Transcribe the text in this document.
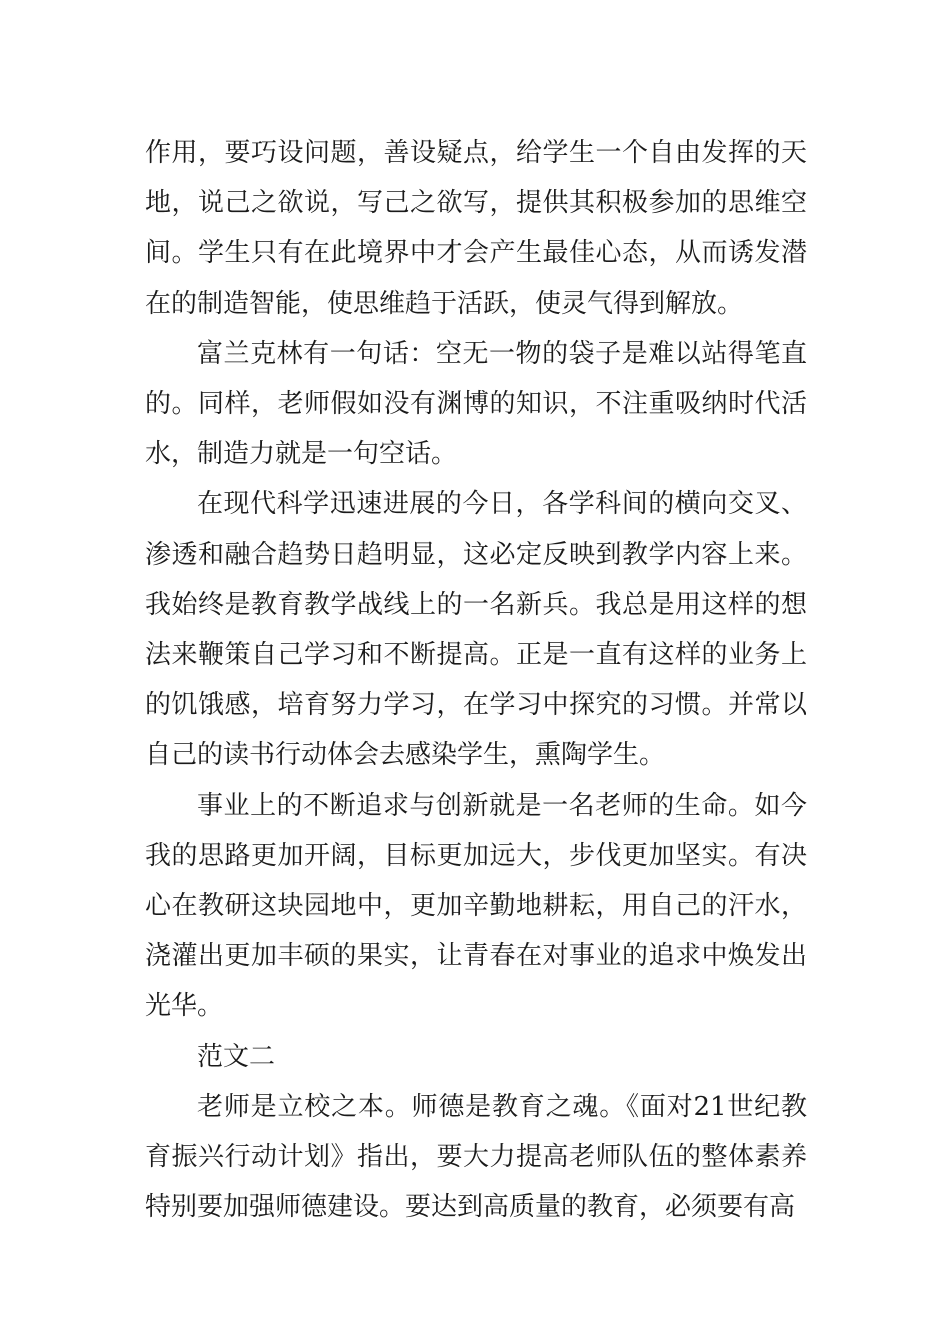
作用，要巧设问题，善设疑点，给学生一个自由发挥的天地，说己之欲说，写己之欲写，提供其积极参加的思维空间。学生只有在此境界中才会产生最佳心态，从而诱发潜在的制造智能，使思维趋于活跃，使灵气得到解放。

富兰克林有一句话：空无一物的袋子是难以站得笔直的。同样，老师假如没有渊博的知识，不注重吸纳时代活水，制造力就是一句空话。

在现代科学迅速进展的今日，各学科间的横向交叉、渗透和融合趋势日趋明显，这必定反映到教学内容上来。我始终是教育教学战线上的一名新兵。我总是用这样的想法来鞭策自己学习和不断提高。正是一直有这样的业务上的饥饿感，培育努力学习，在学习中探究的习惯。并常以自己的读书行动体会去感染学生，熏陶学生。

事业上的不断追求与创新就是一名老师的生命。如今我的思路更加开阔，目标更加远大，步伐更加坚实。有决心在教研这块园地中，更加辛勤地耕耘，用自己的汗水，浇灌出更加丰硕的果实，让青春在对事业的追求中焕发出光华。

范文二

老师是立校之本。师德是教育之魂。《面对21世纪教育振兴行动计划》指出，要大力提高老师队伍的整体素养特别要加强师德建设。要达到高质量的教育，必须要有高
